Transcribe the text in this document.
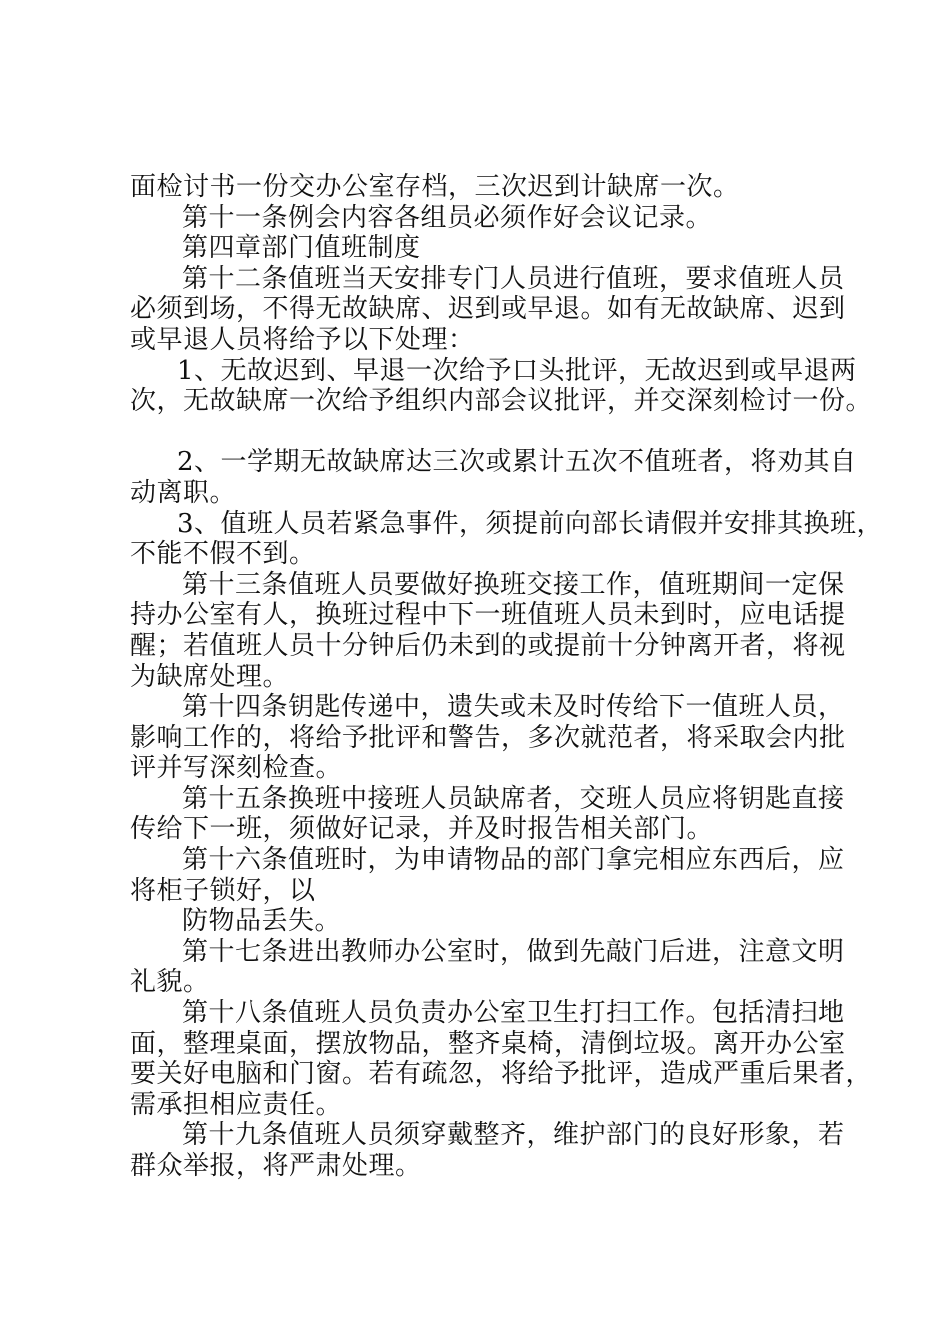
面检讨书一份交办公室存档，三次迟到计缺席一次。
第十一条例会内容各组员必须作好会议记录。
第四章部门值班制度
第十二条值班当天安排专门人员进行值班，要求值班人员
必须到场，不得无故缺席、迟到或早退。如有无故缺席、迟到
或早退人员将给予以下处理：
1、无故迟到、早退一次给予口头批评，无故迟到或早退两
次，无故缺席一次给予组织内部会议批评，并交深刻检讨一份。
2、一学期无故缺席达三次或累计五次不值班者，将劝其自
动离职。
3、值班人员若紧急事件，须提前向部长请假并安排其换班，
不能不假不到。
第十三条值班人员要做好换班交接工作，值班期间一定保
持办公室有人，换班过程中下一班值班人员未到时，应电话提
醒；若值班人员十分钟后仍未到的或提前十分钟离开者，将视
为缺席处理。
第十四条钥匙传递中，遗失或未及时传给下一值班人员，
影响工作的，将给予批评和警告，多次就范者，将采取会内批
评并写深刻检查。
第十五条换班中接班人员缺席者，交班人员应将钥匙直接
传给下一班，须做好记录，并及时报告相关部门。
第十六条值班时，为申请物品的部门拿完相应东西后，应
将柜子锁好，以
防物品丢失。
第十七条进出教师办公室时，做到先敲门后进，注意文明
礼貌。
第十八条值班人员负责办公室卫生打扫工作。包括清扫地
面，整理桌面，摆放物品，整齐桌椅，清倒垃圾。离开办公室
要关好电脑和门窗。若有疏忽，将给予批评，造成严重后果者，
需承担相应责任。
第十九条值班人员须穿戴整齐，维护部门的良好形象，若
群众举报，将严肃处理。
